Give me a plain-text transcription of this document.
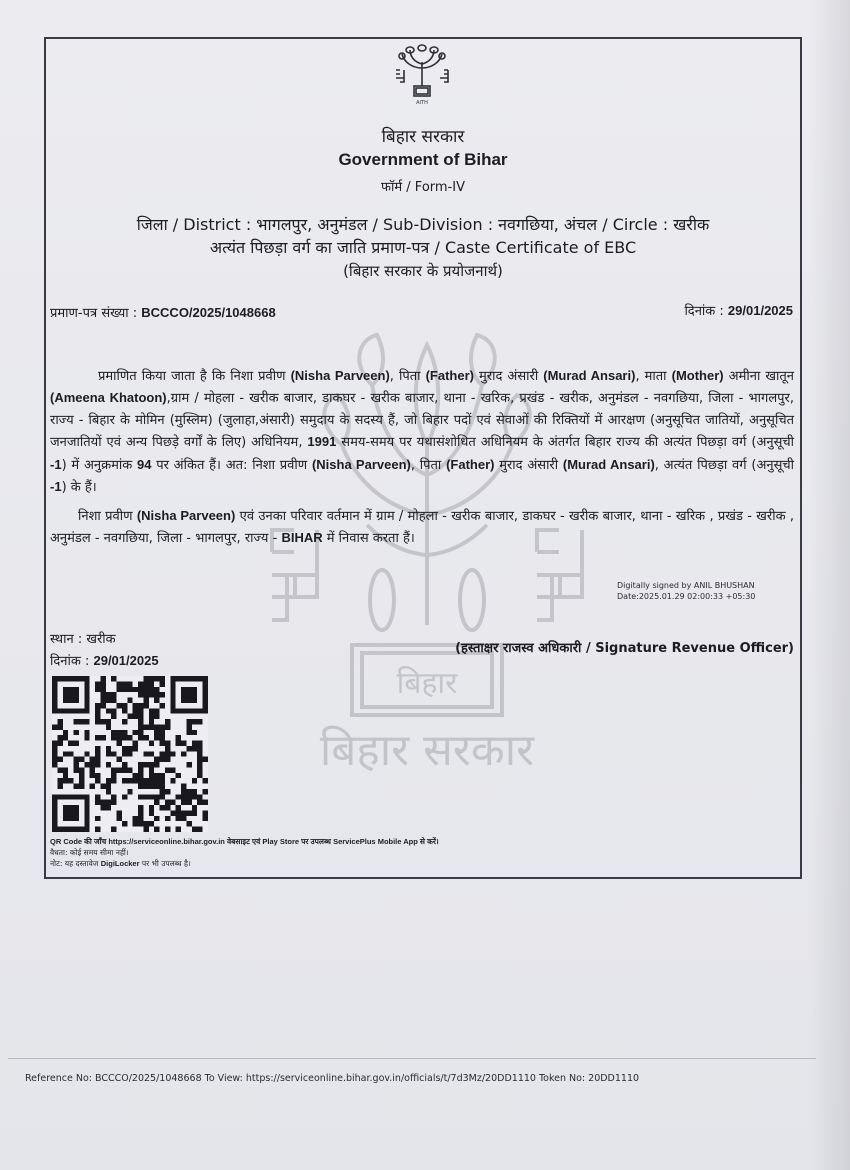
AITH
बिहार
बिहार सरकार
बिहार सरकार
Government of Bihar
फॉर्म / Form-IV
जिला / District : भागलपुर, अनुमंडल / Sub-Division : नवगछिया, अंचल / Circle : खरीक
अत्यंत पिछड़ा वर्ग का जाति प्रमाण-पत्र / Caste Certificate of EBC
(बिहार सरकार के प्रयोजनार्थ)
प्रमाण-पत्र संख्या : BCCCO/2025/1048668	दिनांक : 29/01/2025
प्रमाणित किया जाता है कि निशा प्रवीण (Nisha Parveen), पिता (Father) मुराद अंसारी (Murad Ansari), माता (Mother) अमीना खातून (Ameena Khatoon),ग्राम / मोहला - खरीक बाजार, डाकघर - खरीक बाजार, थाना - खरिक, प्रखंड - खरीक, अनुमंडल - नवगछिया, जिला - भागलपुर, राज्य - बिहार के मोमिन (मुस्लिम) (जुलाहा,अंसारी) समुदाय के सदस्य हैं, जो बिहार पदों एवं सेवाओं की रिक्तियों में आरक्षण (अनुसूचित जातियों, अनुसूचित जनजातियों एवं अन्य पिछड़े वर्गों के लिए) अधिनियम, 1991 समय-समय पर यथासंशोधित अधिनियम के अंतर्गत बिहार राज्य की अत्यंत पिछड़ा वर्ग (अनुसूची -1) में अनुक्रमांक 94 पर अंकित हैं। अत: निशा प्रवीण (Nisha Parveen), पिता (Father) मुराद अंसारी (Murad Ansari), अत्यंत पिछड़ा वर्ग (अनुसूची -1) के हैं।
निशा प्रवीण (Nisha Parveen) एवं उनका परिवार वर्तमान में ग्राम / मोहला - खरीक बाजार, डाकघर - खरीक बाजार, थाना - खरिक , प्रखंड - खरीक , अनुमंडल - नवगछिया, जिला - भागलपुर, राज्य - BIHAR में निवास करता हैं।
Digitally signed by ANIL BHUSHAN
Date:2025.01.29 02:00:33 +05:30
स्थान : खरीक
दिनांक : 29/01/2025
(हस्ताक्षर राजस्व अधिकारी / Signature Revenue Officer)
QR Code की जाँच https://serviceonline.bihar.gov.in वेबसाइट एवं Play Store पर उपलब्ध ServicePlus Mobile App से करें।
वैधता: कोई समय सीमा नहीं।
नोट: यह दस्तावेज DigiLocker पर भी उपलब्ध है।
Reference No: BCCCO/2025/1048668 To View: https://serviceonline.bihar.gov.in/officials/t/7d3Mz/20DD1110 Token No: 20DD1110
